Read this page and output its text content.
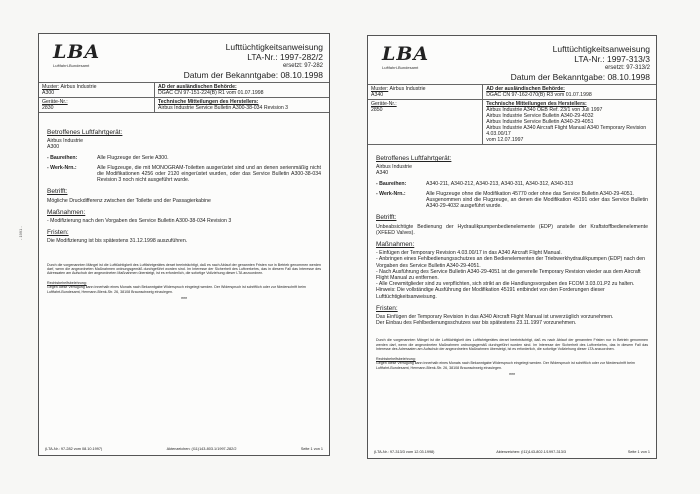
- 1991 -
LBA
Luftfahrt-Bundesamt
Lufttüchtigkeitsanweisung
LTA-Nr.: 1997-282/2
ersetzt: 97-282
Datum der Bekanntgabe: 08.10.1998
Muster: Airbus Industrie
A300
AD der ausländischen Behörde:
DGAC CN 97-151-224(B) R1 vom 01.07.1998
Geräte-Nr.:
2830
Technische Mitteilungen des Herstellers:
Airbus Industrie Service Bulletin A300-38-034 Revision 3
Betroffenes Luftfahrtgerät:
Airbus Industrie
A300
- Baureihen:	Alle Flugzeuge der Serie A300.
- Werk-Nrn.:	Alle Flugzeuge, die mit MONOGRAM-Toiletten ausgerüstet sind und an denen serienmäßig nicht die Modifikationen 4256 oder 2120 eingerüstet wurden, oder das Service Bulletin A300-38-034 Revision 3 noch nicht ausgeführt wurde.
Betrifft:
Mögliche Druckdifferenz zwischen der Toilette und der Passagierkabine
Maßnahmen:
- Modifizierung nach den Vorgaben des Service Bulletin A300-38-034 Revision 3
Fristen:
Die Modifizierung ist bis spätestens 31.12.1998 auszuführen.
Durch die vorgenannten Mängel ist die Lufttüchtigkeit des Luftfahrtgerätes derart beeinträchtigt, daß es nach Ablauf der genannten Fristen nur in Betrieb genommen werden darf, wenn die angeordneten Maßnahmen ordnungsgemäß durchgeführt worden sind. Im Interesse der Sicherheit des Luftverkehrs, das in diesem Fall das Interesse des Adressaten am Aufschub der angeordneten Maßnahmen übersteigt, ist es erforderlich, die sofortige Vollziehung dieser LTA anzuordnen.
Rechtsbehelfsbelehrung:
Gegen diese Verfügung kann innerhalb eines Monats nach Bekanntgabe Widerspruch eingelegt werden. Der Widerspruch ist schriftlich oder zur Niederschrift beim Luftfahrt-Bundesamt, Hermann-Blenk-Str. 26, 38108 Braunschweig einzulegen.
***
(LTA-Nr.: 97-282 vom 08.10.1997)	Aktenzeichen: (I11)143-803.1/1997-282/2	Seite 1 von 1
LBA
Luftfahrt-Bundesamt
Lufttüchtigkeitsanweisung
LTA-Nr.: 1997-313/3
ersetzt: 97-313/2
Datum der Bekanntgabe: 08.10.1998
Muster: Airbus Industrie
A340
AD der ausländischen Behörde:
DGAC CN 97-162-070(B) R3 vom 01.07.1998
Geräte-Nr.:
2850
Technische Mitteilungen des Herstellers:
Airbus Industrie A340 OEB Ref. 23/1 von Juli 1997
Airbus Industrie Service Bulletin A340-29-4032
Airbus Industrie Service Bulletin A340-29-4051
Airbus Industrie A340 Aircraft Flight Manual A340 Temporary Revision 4.03.00/17
vom 12.07.1997
Betroffenes Luftfahrtgerät:
Airbus Industrie
A340
- Baureihen:	A340-211, A340-212, A340-213, A340-311, A340-312, A340-313
- Werk-Nrn.:	Alle Flugzeuge ohne die Modifikation 45770 oder ohne das Service Bulletin A340-29-4051.
Ausgenommen sind die Flugzeuge, an denen die Modifikation 45191 oder das Service Bulletin A340-29-4032 ausgeführt wurde.
Betrifft:
Unbeabsichtigte Bedienung der Hydraulikpumpenbedienelemente (EDP) anstelle der Kraftstoffbedienelemente (XFEED Valves).
Maßnahmen:
- Einfügen der Temporary Revision 4.03.00/17 in das A340 Aircraft Flight Manual.
- Anbringen eines Fehlbedienungsschutzes an den Bedienelementen der Triebwerkhydraulikpumpen (EDP) nach den Vorgaben des Service Bulletin A340-29-4051.
- Nach Ausführung des Service Bulletin A340-29-4051 ist die generelle Temporary Revision wieder aus dem Aircraft Flight Manual zu entfernen.
- Alle Crewmitglieder sind zu verpflichten, sich strikt an die Handlungsvorgaben des FCOM 3.03.01.P2 zu halten.
Hinweis: Die vollständige Ausführung der Modifikation 45191 entbindet von den Forderungen dieser Lufttüchtigkeitsanweisung.
Fristen:
Das Einfügen der Temporary Revision in das A340 Aircraft Flight Manual ist unverzüglich vorzunehmen.
Der Einbau des Fehlbedienungsschutzes war bis spätestens 23.11.1997 vorzunehmen.
Durch die vorgenannten Mängel ist die Lufttüchtigkeit des Luftfahrtgerätes derart beeinträchtigt, daß es nach Ablauf der genannten Fristen nur in Betrieb genommen werden darf, wenn die angeordneten Maßnahmen ordnungsgemäß durchgeführt worden sind. Im Interesse der Sicherheit des Luftverkehrs, das in diesem Fall das Interesse des Adressaten am Aufschub der angeordneten Maßnahmen übersteigt, ist es erforderlich, die sofortige Vollziehung dieser LTA anzuordnen.
Rechtsbehelfsbelehrung:
Gegen diese Verfügung kann innerhalb eines Monats nach Bekanntgabe Widerspruch eingelegt werden. Der Widerspruch ist schriftlich oder zur Niederschrift beim Luftfahrt-Bundesamt, Hermann-Blenk-Str. 26, 38108 Braunschweig einzulegen.
***
(LTA-Nr.: 97-313/3 vom 12.03.1998)	Aktenzeichen: (I11)143-802.1/1997-313/3	Seite 1 von 1
